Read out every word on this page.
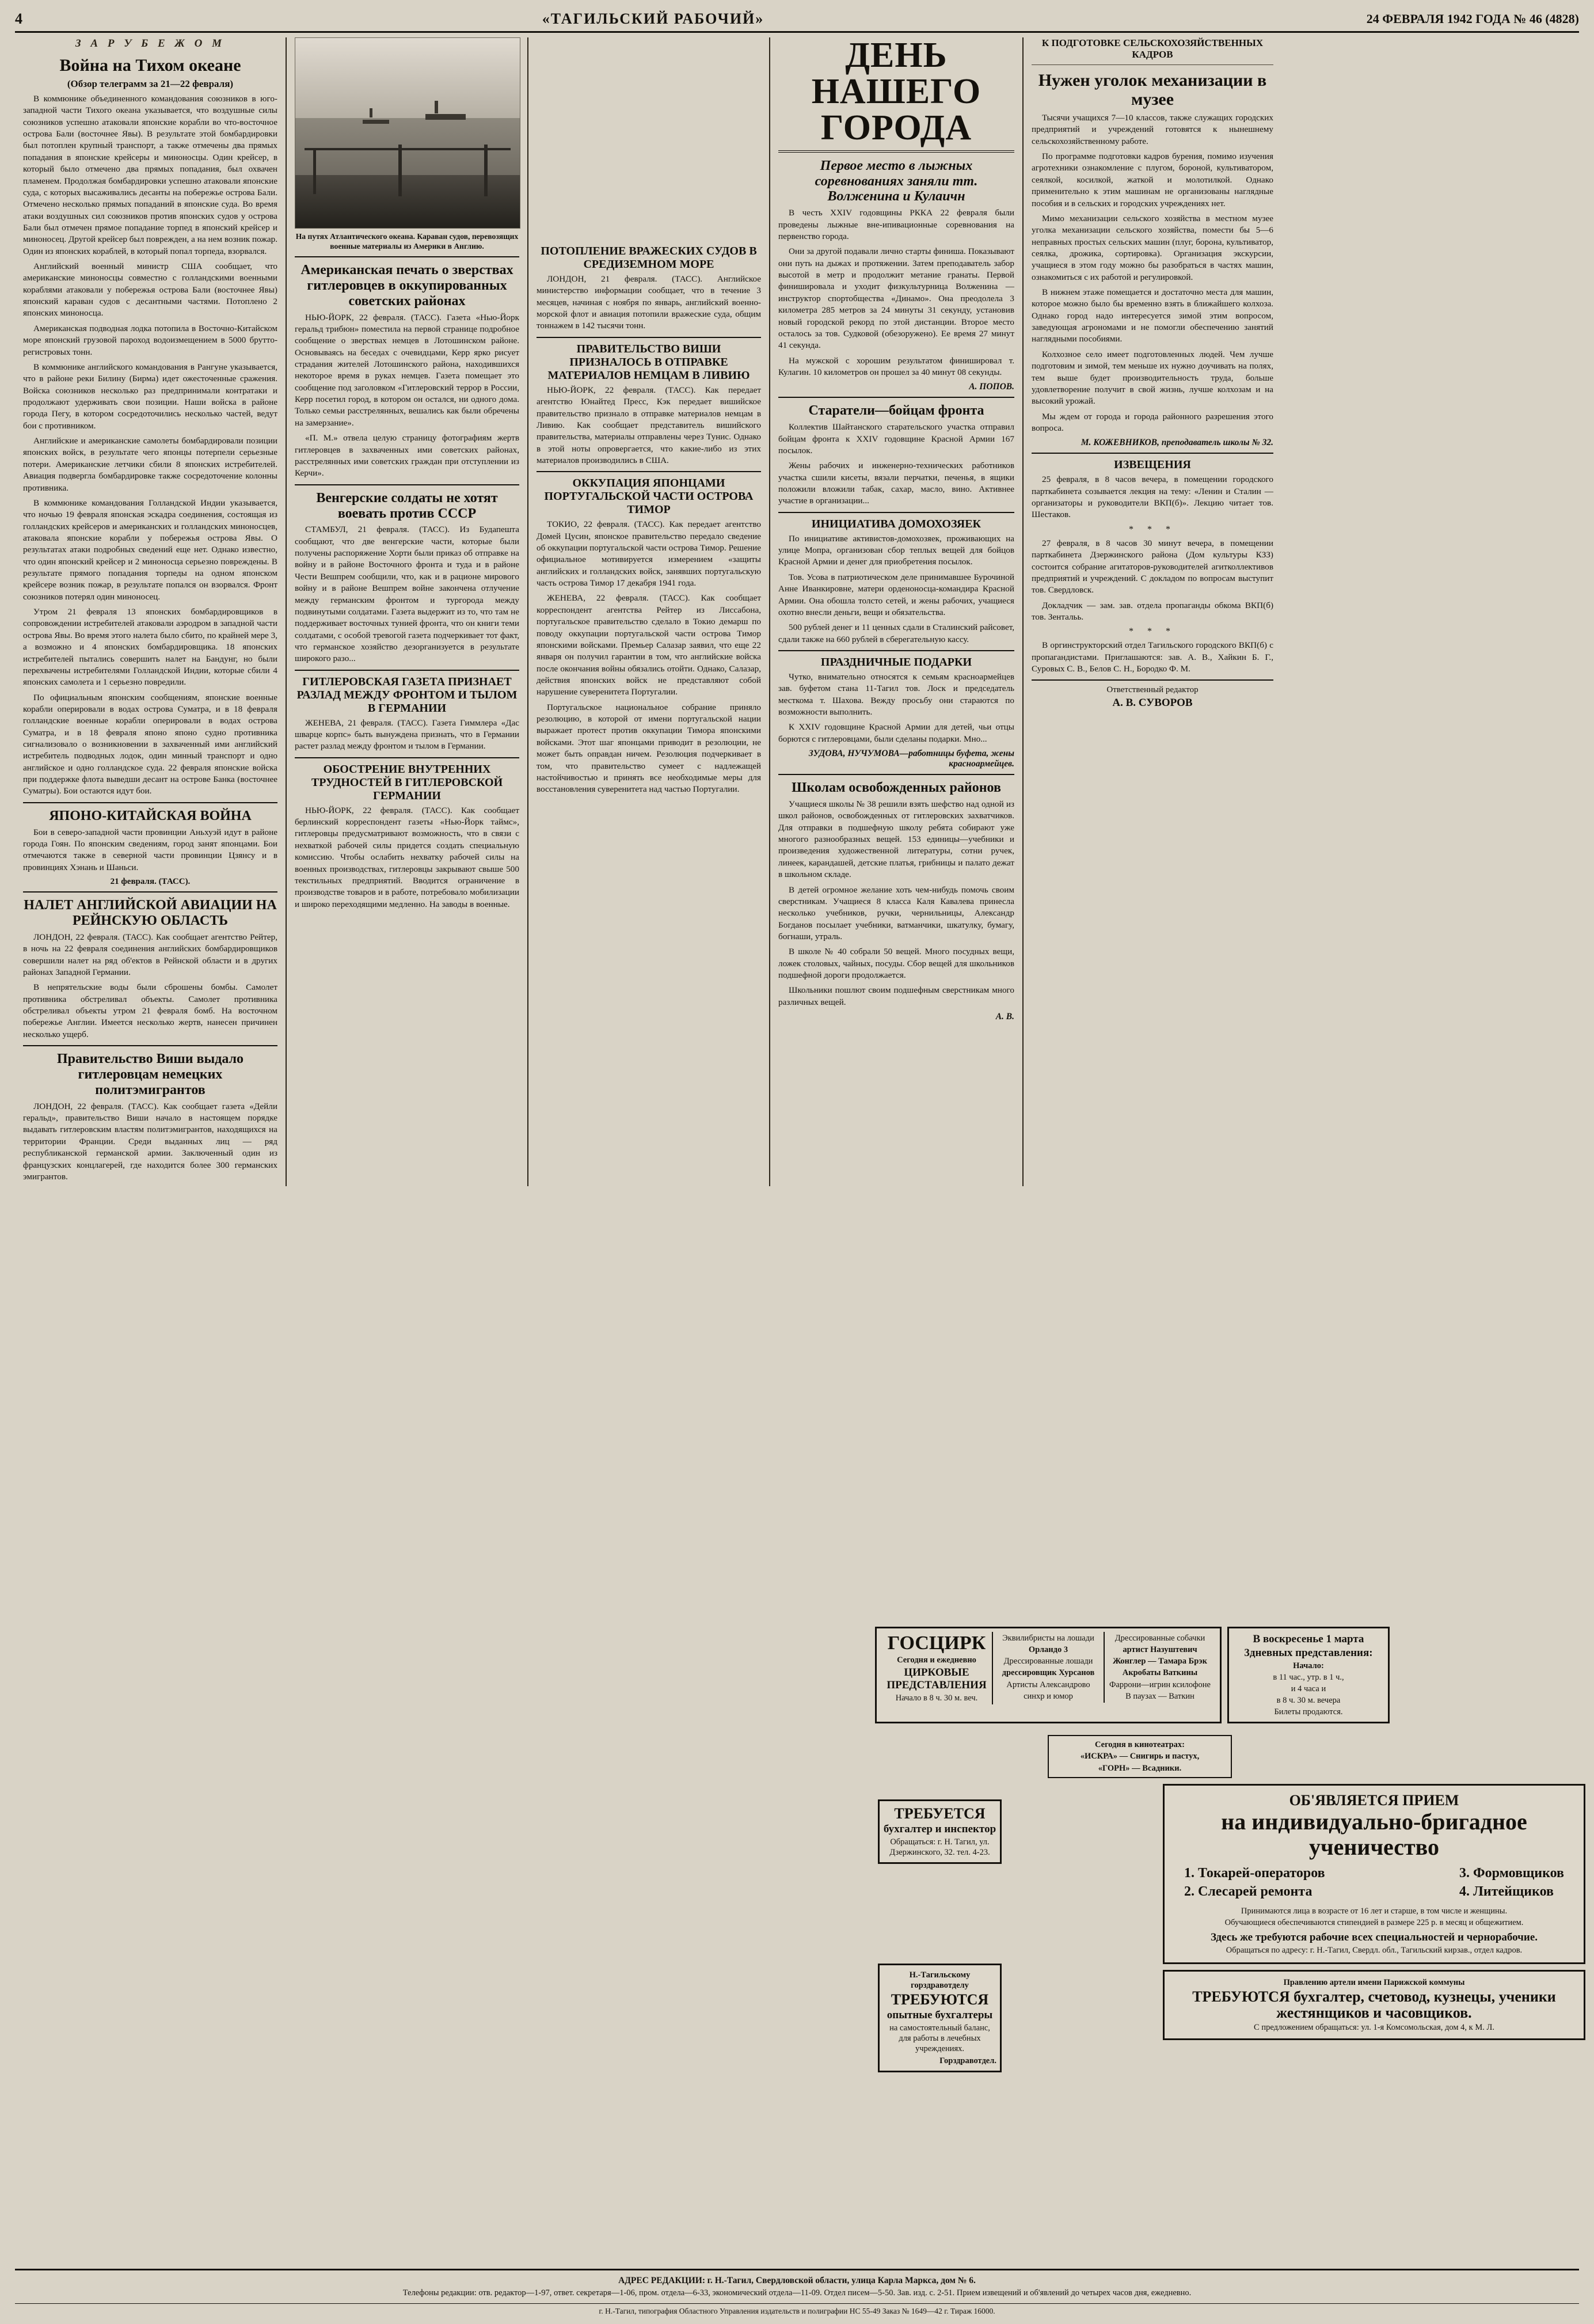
4	«ТАГИЛЬСКИЙ РАБОЧИЙ»	24 ФЕВРАЛЯ 1942 ГОДА № 46 (4828)
З А Р У Б Е Ж О М
Война на Тихом океане
(Обзор телеграмм за 21—22 февраля)

В коммюнике объединенного командования союзников в юго-западной части Тихого океана указывается, что воздушные силы союзников успешно атаковали японские корабли во что-восточное острова Бали (восточнее Явы). В результате этой бомбардировки был потоплен крупный транспорт, а также отмечены два прямых попадания в японские крейсеры и миноносцы. Один крейсер, в который было отмечено два прямых попадания, был охвачен пламенем. Продолжая бомбардировки успешно атаковали японские суда, с которых высаживались десанты на побережье острова Бали. Отмечено несколько прямых попаданий в японские суда. Во время атаки воздушных сил союзников против японских судов у острова Бали был отмечен прямое попадание торпед в японский крейсер и миноносец. Другой крейсер был поврежден, а на нем возник пожар. Один из японских кораблей, в который попал торпеда, взорвался.

Английский военный министр США сообщает, что американские миноносцы совместно с голландскими военными кораблями атаковали у побережья острова Бали (восточнее Явы) японский караван судов с десантными частями. Потоплено 2 японских миноносца.

Американская подводная лодка потопила в Восточно-Китайском море японский грузовой пароход водоизмещением в 5000 брутто-регистровых тонн.

В коммюнике английского командования в Рангуне указывается, что в районе реки Билину (Бирма) идет ожесточенные сражения. Войска союзников несколько раз предпринимали контратаки и продолжают удерживать свои позиции. Наши войска в районе города Пегу, в котором сосредоточились несколько частей, ведут бои с противником.

Английские и американские самолеты бомбардировали позиции японских войск, в результате чего японцы потерпели серьезные потери. Американские летчики сбили 8 японских истребителей. Авиация подвергла бомбардировке также сосредоточение колонны противника.

В коммюнике командования Голландской Индии указывается, что ночью 19 февраля японская эскадра соединения, состоящая из голландских крейсеров и американских и голландских миноносцев, атаковала японские корабли у побережья острова Явы. О результатах атаки подробных сведений еще нет. Однако известно, что один японский крейсер и 2 миноносца серьезно повреждены. В результате прямого попадания торпеды на одном японском крейсере возник пожар, в результате попался он взорвался. Фронт союзников потерял один миноносец.

Утром 21 февраля 13 японских бомбардировщиков в сопровождении истребителей атаковали аэродром в западной части острова Явы. Во время этого налета было сбито, по крайней мере 3, а возможно и 4 японских бомбардировщика. 18 японских истребителей пытались совершить налет на Бандунг, но были перехвачены истребителями Голландской Индии, которые сбили 4 японских самолета и 1 серьезно повредили.

По официальным японским сообщениям, японские военные корабли оперировали в водах острова Суматра, и в 18 февраля голландские военные корабли оперировали в водах острова Суматра, и в 18 февраля японо японо судно противника сигнализовало о возникновении в захваченный ими английский истребитель подводных лодок, один минный транспорт и одно английское и одно голландское суда. 22 февраля японские войска при поддержке флота выведши десант на острове Банка (восточнее Суматры). Бои остаются идут бои.

ЯПОНО-КИТАЙСКАЯ ВОЙНА

Бои в северо-западной части провинции Аньхуэй идут в районе города Гоян. По японским сведениям, город занят японцами. Бои отмечаются также в северной части провинции Цзянсу и в провинциях Хэнань и Шаньси.

21 февраля. (ТАСС).
НАЛЕТ АНГЛИЙСКОЙ АВИАЦИИ НА РЕЙНСКУЮ ОБЛАСТЬ

ЛОНДОН, 22 февраля. (ТАСС). Как сообщает агентство Рейтер, в ночь на 22 февраля соединения английских бомбардировщиков совершили налет на ряд об'ектов в Рейнской области и в других районах Западной Германии.

В непрятельские воды были сброшены бомбы. Самолет противника обстреливал объекты. Самолет противника обстреливал объекты утром 21 февраля бомб. На восточном побережье Англии. Имеется несколько жертв, нанесен причинен несколько ущерб.

Правительство Виши выдало гитлеровцам немецких политэмигрантов

ЛОНДОН, 22 февраля. (ТАСС). Как сообщает газета «Дейли геральд», правительство Виши начало в настоящем порядке выдавать гитлеровским властям политэмигрантов, находящихся на территории Франции. Среди выданных лиц — ряд республиканской германской армии. Заключенный один из французских концлагерей, где находится более 300 германских эмигрантов.

На путях Атлантического океана. Караван судов, перевозящих военные материалы из Америки в Англию.
Американская печать о зверствах гитлеровцев в оккупированных советских районах

НЬЮ-ЙОРК, 22 февраля. (ТАСС). Газета «Нью-Йорк геральд трибюн» поместила на первой странице подробное сообщение о зверствах немцев в Лотошинском районе. Основываясь на беседах с очевидцами, Керр ярко рисует страдания жителей Лотошинского района, находившихся некоторое время в руках немцев. Газета помещает это сообщение под заголовком «Гитлеровский террор в России, Керр посетил город, в котором он остался, ни одного дома. Только семьи расстрелянных, вешались как были обречены на замерзание».

«П. М.» отвела целую страницу фотографиям жертв гитлеровцев в захваченных ими советских районах, расстрелянных ими советских граждан при отступлении из Керчи».

Венгерские солдаты не хотят воевать против СССР

СТАМБУЛ, 21 февраля. (ТАСС). Из Будапешта сообщают, что две венгерские части, которые были получены распоряжение Хорти были приказ об отправке на войну и в районе Восточного фронта и туда и в районе Чести Вешпрем сообщили, что, как и в рационе мирового войну и в районе Вешпрем войне закончена отлучение между германским фронтом и тургорода между подвинутыми солдатами. Газета выдержит из то, что там не поддерживает восточных тунией фронта, что он книги теми солдатами, с особой тревогой газета подчеркивает тот факт, что германское хозяйство дезорганизуется в результате широкого разо...

ГИТЛЕРОВСКАЯ ГАЗЕТА ПРИЗНАЕТ РАЗЛАД МЕЖДУ ФРОНТОМ И ТЫЛОМ В ГЕРМАНИИ

ЖЕНЕВА, 21 февраля. (ТАСС). Газета Гиммлера «Дас шварце корпс» быть вынуждена признать, что в Германии растет разлад между фронтом и тылом в Германии.

ОБОСТРЕНИЕ ВНУТРЕННИХ ТРУДНОСТЕЙ В ГИТЛЕРОВСКОЙ ГЕРМАНИИ

НЬЮ-ЙОРК, 22 февраля. (ТАСС). Как сообщает берлинский корреспондент газеты «Нью-Йорк таймс», гитлеровцы предусматривают возможность, что в связи с нехваткой рабочей силы придется создать специальную комиссию. Чтобы ослабить нехватку рабочей силы на военных производствах, гитлеровцы закрывают свыше 500 текстильных предприятий. Вводится ограничение в производстве товаров и в работе, потребовало мобилизации и широко переходящими медленно. На заводы в военные.

ПОТОПЛЕНИЕ ВРАЖЕСКИХ СУДОВ В СРЕДИЗЕМНОМ МОРЕ

ЛОНДОН, 21 февраля. (ТАСС). Английское министерство информации сообщает, что в течение 3 месяцев, начиная с ноября по январь, английский военно-морской флот и авиация потопили вражеские суда, общим тоннажем в 142 тысячи тонн.

ПРАВИТЕЛЬСТВО ВИШИ ПРИЗНАЛОСЬ В ОТПРАВКЕ МАТЕРИАЛОВ НЕМЦАМ В ЛИВИЮ

НЬЮ-ЙОРК, 22 февраля. (ТАСС). Как передает агентство Юнайтед Пресс, Кэк передает вишийское правительство признало в отправке материалов немцам в Ливию. Как сообщает представитель вишийского правительства, материалы отправлены через Тунис. Однако в этой ноты опровергается, что какие-либо из этих материалов производились в США.

ОККУПАЦИЯ ЯПОНЦАМИ ПОРТУГАЛЬСКОЙ ЧАСТИ ОСТРОВА ТИМОР

ТОКИО, 22 февраля. (ТАСС). Как передает агентство Домей Цусин, японское правительство передало сведение об оккупации португальской части острова Тимор. Решение официальное мотивируется измерением «защиты английских и голландских войск, занявших португальскую часть острова Тимор 17 декабря 1941 года.

ЖЕНЕВА, 22 февраля. (ТАСС). Как сообщает корреспондент агентства Рейтер из Лиссабона, португальское правительство сделало в Токио демарш по поводу оккупации португальской части острова Тимор японскими войсками. Премьер Салазар заявил, что еще 22 января он получил гарантии в том, что английские войска после окончания войны обязались отойти. Однако, Салазар, действия японских войск не представляют собой нарушение суверенитета Португалии.

Португальское национальное собрание приняло резолюцию, в которой от имени португальской нации выражает протест против оккупации Тимора японскими войсками. Этот шаг японцами приводит в резолюции, не может быть оправдан ничем. Резолюция подчеркивает в том, что правительство сумеет с надлежащей настойчивостью и принять все необходимые меры для восстановления суверенитета над частью Португалии.

ДЕНЬ НАШЕГО ГОРОДА
Первое место в лыжных соревнованиях заняли тт. Волженина и Кулаичн

В честь XXIV годовщины РККА 22 февраля были проведены лыжные вне-ипивационные соревнования на первенство города.

Они за другой подавали лично старты финиша. Показывают они путь на дыжах и протяжении. Затем преподаватель забор высотой в метр и продолжит метание гранаты. Первой финишировала и уходит физкультурница Волженина — инструктор спортобщества «Динамо». Она преодолела 3 километра 285 метров за 24 минуты 31 секунду, установив новый городской рекорд по этой дистанции. Второе место осталось за тов. Судковой (обезоружено). Ее время 27 минут 41 секунда.

На мужской с хорошим результатом финишировал т. Кулагин. 10 километров он прошел за 40 минут 08 секунды.

А. ПОПОВ.
Старатели—бойцам фронта

Коллектив Шайтанского старательского участка отправил бойцам фронта к XXIV годовщине Красной Армии 167 посылок.

Жены рабочих и инженерно-технических работников участка сшили кисеты, вязали перчатки, печенья, в ящики положили вложили табак, сахар, масло, вино. Активнее участие в организации...

ИНИЦИАТИВА ДОМОХОЗЯЕК

По инициативе активистов-домохозяек, проживающих на улице Мопра, организован сбор теплых вещей для бойцов Красной Армии и денег для приобретения посылок.

Тов. Усова в патриотическом деле принимавшее Бурочиной Анне Иванкировне, матери орденоносца-командира Красной Армии. Она обошла толсто сетей, и жены рабочих, учащиеся охотно внесли деньги, вещи и обязательства.

500 рублей денег и 11 ценных сдали в Сталинский райсовет, сдали также на 660 рублей в сберегательную кассу.

ПРАЗДНИЧНЫЕ ПОДАРКИ

Чутко, внимательно относятся к семьям красноармейцев зав. буфетом стана 11-Тагил тов. Лоск и председатель месткома т. Шахова. Вежду просьбу они стараются по возможности выполнить.

К XXIV годовщине Красной Армии для детей, чьи отцы борются с гитлеровцами, были сделаны подарки. Мно...

ЗУДОВА, НУЧУМОВА—работницы буфета, жены красноармейцев.
Школам освобожденных районов

Учащиеся школы № 38 решили взять шефство над одной из школ районов, освобожденных от гитлеровских захватчиков. Для отправки в подшефную школу ребята собирают уже многого разнообразных вещей. 153 единицы—учебники и произведения художественной литературы, сотни ручек, линеек, карандашей, детские платья, грибницы и палато дежат в школьном складе.

В детей огромное желание хоть чем-нибудь помочь своим сверстникам. Учащиеся 8 класса Каля Кавалева принесла несколько учебников, ручки, чернильницы, Александр Богданов посылает учебники, ватманчики, шкатулку, бумагу, богнаши, утраль.

В школе № 40 собрали 50 вещей. Много посудных вещи, ложек столовых, чайных, посуды. Сбор вещей для школьников подшефной дороги продолжается.

Школьники пошлют своим подшефным сверстникам много различных вещей.

А. В.
К ПОДГОТОВКЕ СЕЛЬСКОХОЗЯЙСТВЕННЫХ КАДРОВ
Нужен уголок механизации в музее

Тысячи учащихся 7—10 классов, также служащих городских предприятий и учреждений готовятся к нынешнему сельскохозяйственному работе.

По программе подготовки кадров бурения, помимо изучения агротехники ознакомление с плугом, бороной, культиватором, сеялкой, косилкой, жаткой и молотилкой. Однако применительно к этим машинам не организованы наглядные пособия и в сельских и городских учреждениях нет.

Мимо механизации сельского хозяйства в местном музее уголка механизации сельского хозяйства, помести бы 5—6 неправных простых сельских машин (плуг, борона, культиватор, сеялка, дрожика, сортировка). Организация экскурсии, учащиеся в этом году можно бы разобраться в частях машин, ознакомиться с их работой и регулировкой.

В нижнем этаже помещается и достаточно места для машин, которое можно было бы временно взять в ближайшего колхоза. Однако город надо интересуется зимой этим вопросом, заведующая агрономами и не помогли обеспечению занятий наглядными пособиями.

Колхозное село имеет подготовленных людей. Чем лучше подготовим и зимой, тем меньше их нужно доучивать на полях, тем выше будет производительность труда, больше удовлетворение получит в свой жизнь, лучше колхозам и на высокий урожай.

Мы ждем от города и города районного разрешения этого вопроса.

М. КОЖЕВНИКОВ, преподаватель школы № 32.
ИЗВЕЩЕНИЯ

25 февраля, в 8 часов вечера, в помещении городского парткабинета созывается лекция на тему: «Ленин и Сталин — организаторы и руководители ВКП(б)». Лекцию читает тов. Шестаков.

* * *

27 февраля, в 8 часов 30 минут вечера, в помещении парткабинета Дзержинского района (Дом культуры КЗЗ) состоится собрание агитаторов-руководителей агитколлективов предприятий и учреждений. С докладом по вопросам выступит тов. Свердловск.

Докладчик — зам. зав. отдела пропаганды обкома ВКП(б) тов. Зентальь.

* * *

В оргинструкторский отдел Тагильского городского ВКП(б) с пропагандистами. Приглашаются: зав. А. В., Хайкин Б. Г., Суровых С. В., Белов С. Н., Бородко Ф. М.

Ответственный редактор
А. В. СУВОРОВ
ГОСЦИРК
Сегодня и ежедневно
ЦИРКОВЫЕ ПРЕДСТАВЛЕНИЯ
Начало в 8 ч. 30 м. веч.
Эквилибристы на лошади
Орландо 3
Дрессированные лошади
дрессировщик Хурсанов
Артисты Александрово
синхр и юмор
Дрессированные собачки
артист Назуштевич
Жонглер — Тамара Брэк
Акробаты Ваткины
Фаррони—игрин ксилофоне
В паузах — Ваткин
В воскресенье 1 марта
3дневных представления:
Начало:
в 11 час., утр. в 1 ч.,
и 4 часа и
в 8 ч. 30 м. вечера
Билеты продаются.
Сегодня в кинотеатрах:
«ИСКРА» — Снигирь и пастух,
«ГОРН» — Всадники.
ОБ'ЯВЛЯЕТСЯ ПРИЕМ
на индивидуально-бригадное
ученичество
1. Токарей-операторов
2. Слесарей ремонта
3. Формовщиков
4. Литейщиков
Принимаются лица в возрасте от 16 лет и старше, в том числе и женщины.
Обучающиеся обеспечиваются стипендией в размере 225 р. в месяц и общежитием.
Здесь же требуются рабочие всех специальностей и чернорабочие.
Обращаться по адресу: г. Н.-Тагил, Свердл. обл., Тагильский кирзав., отдел кадров.
Правлению артели имени Парижской коммуны
ТРЕБУЮТСЯ бухгалтер, счетовод, кузнецы, ученики жестянщиков и часовщиков.
С предложением обращаться: ул. 1-я Комсомольская, дом 4, к М. Л.
ТРЕБУЕТСЯ
бухгалтер и инспектор
Обращаться: г. Н. Тагил, ул. Дзержинского, 32. тел. 4-23.
Н.-Тагильскому горздравотделу
ТРЕБУЮТСЯ
опытные бухгалтеры
на самостоятельный баланс, для работы в лечебных учреждениях.
Горздравотдел.
АДРЕС РЕДАКЦИИ: г. Н.-Тагил, Свердловской области, улица Карла Маркса, дом № 6.
Телефоны редакции: отв. редактор—1-97, ответ. секретаря—1-06, пром. отдела—6-33, экономический отдела—11-09. Отдел писем—5-50. Зав. изд. с. 2-51. Прием извещений и об'явлений до четырех часов дня, ежедневно.
г. Н.-Тагил, типография Областного Управления издательств и полиграфии НС 55-49 Заказ № 1649—42 г. Тираж 16000.
